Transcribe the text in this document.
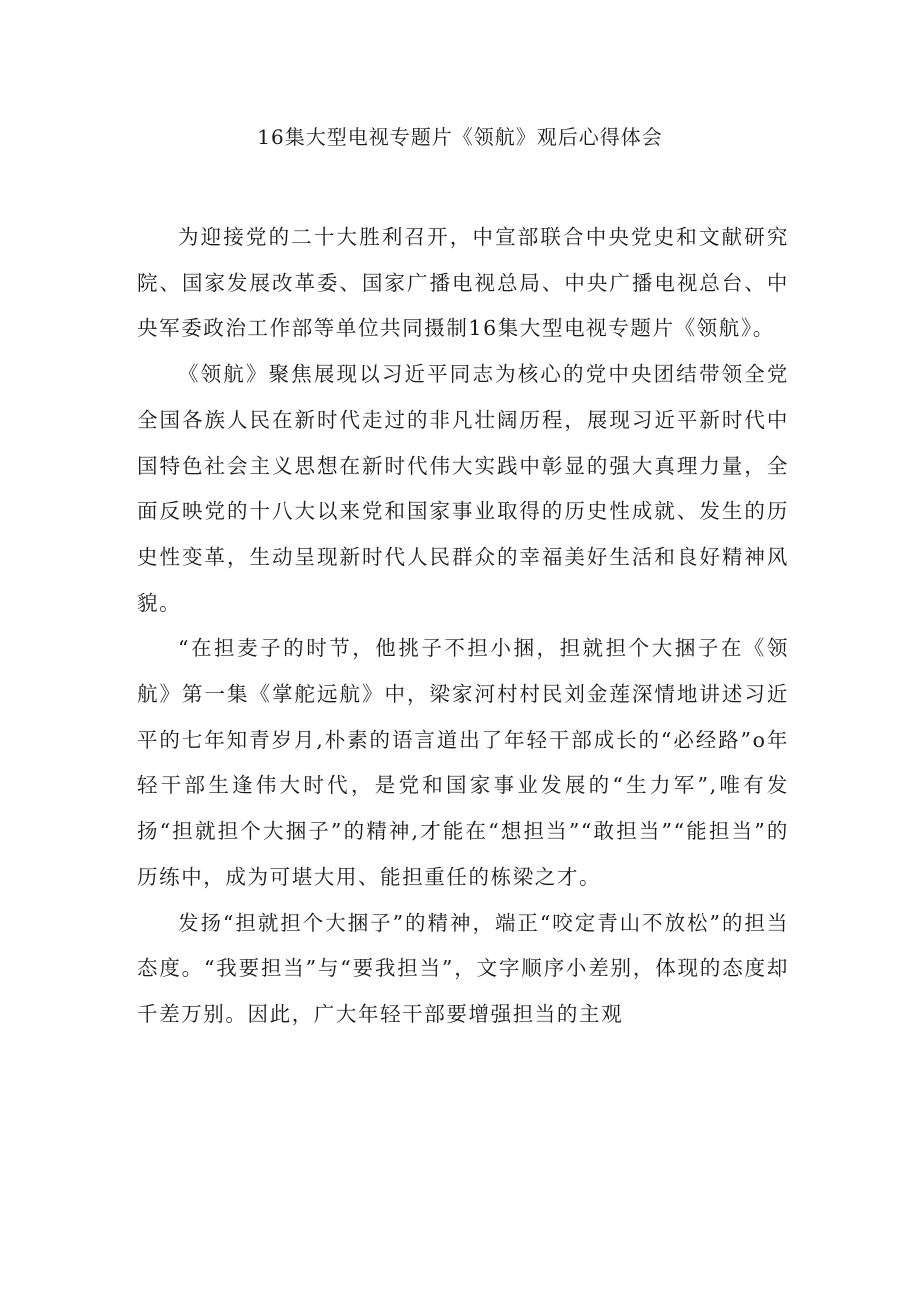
16集大型电视专题片《领航》观后心得体会

为迎接党的二十大胜利召开，中宣部联合中央党史和文献研究院、国家发展改革委、国家广播电视总局、中央广播电视总台、中央军委政治工作部等单位共同摄制16集大型电视专题片《领航》。

《领航》聚焦展现以习近平同志为核心的党中央团结带领全党全国各族人民在新时代走过的非凡壮阔历程，展现习近平新时代中国特色社会主义思想在新时代伟大实践中彰显的强大真理力量，全面反映党的十八大以来党和国家事业取得的历史性成就、发生的历史性变革，生动呈现新时代人民群众的幸福美好生活和良好精神风貌。

“在担麦子的时节，他挑子不担小捆，担就担个大捆子在《领航》第一集《掌舵远航》中，梁家河村村民刘金莲深情地讲述习近平的七年知青岁月,朴素的语言道出了年轻干部成长的“必经路”o年轻干部生逢伟大时代，是党和国家事业发展的“生力军”,唯有发扬“担就担个大捆子”的精神,才能在“想担当”“敢担当”“能担当”的历练中，成为可堪大用、能担重任的栋梁之才。

发扬“担就担个大捆子”的精神，端正“咬定青山不放松”的担当态度。“我要担当”与“要我担当”，文字顺序小差别，体现的态度却千差万别。因此，广大年轻干部要增强担当的主观
